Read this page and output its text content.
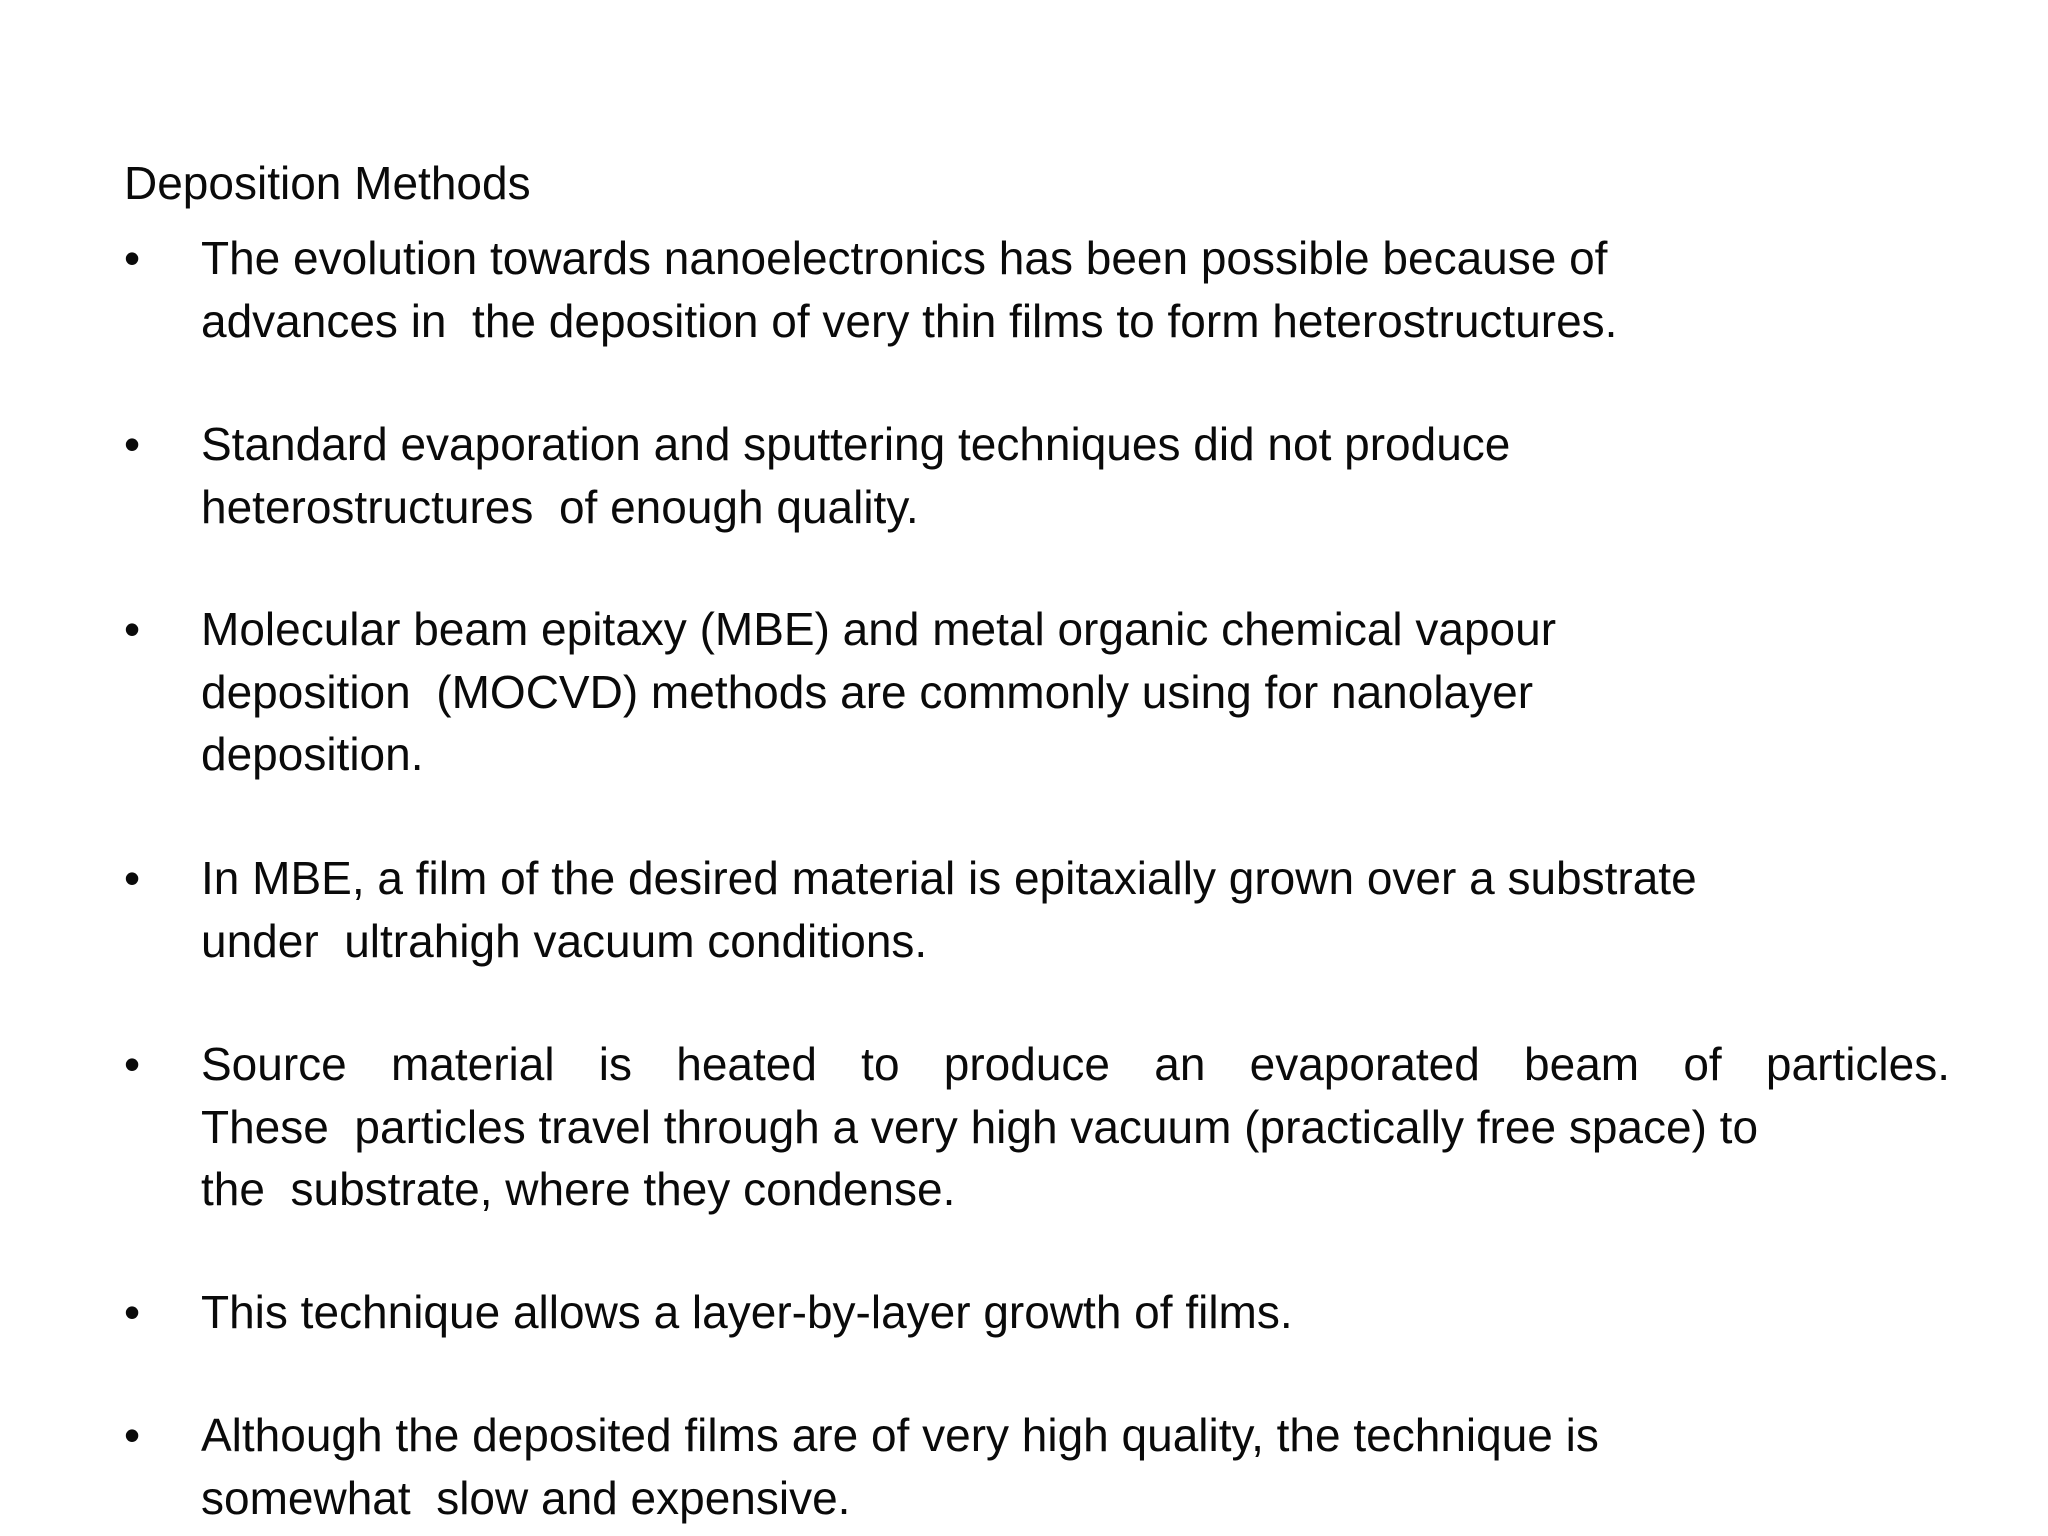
Deposition Methods
•	The evolution towards nanoelectronics has been possible because of
advances in  the deposition of very thin films to form heterostructures.
•	Standard evaporation and sputtering techniques did not produce
heterostructures  of enough quality.
•	Molecular beam epitaxy (MBE) and metal organic chemical vapour
deposition  (MOCVD) methods are commonly using for nanolayer
deposition.
•	In MBE, a film of the desired material is epitaxially grown over a substrate
under  ultrahigh vacuum conditions.
•	Source material is heated to produce an evaporated beam of particles.
These  particles travel through a very high vacuum (practically free space) to
the  substrate, where they condense.
•	This technique allows a layer-by-layer growth of films.
•	Although the deposited films are of very high quality, the technique is
somewhat  slow and expensive.
